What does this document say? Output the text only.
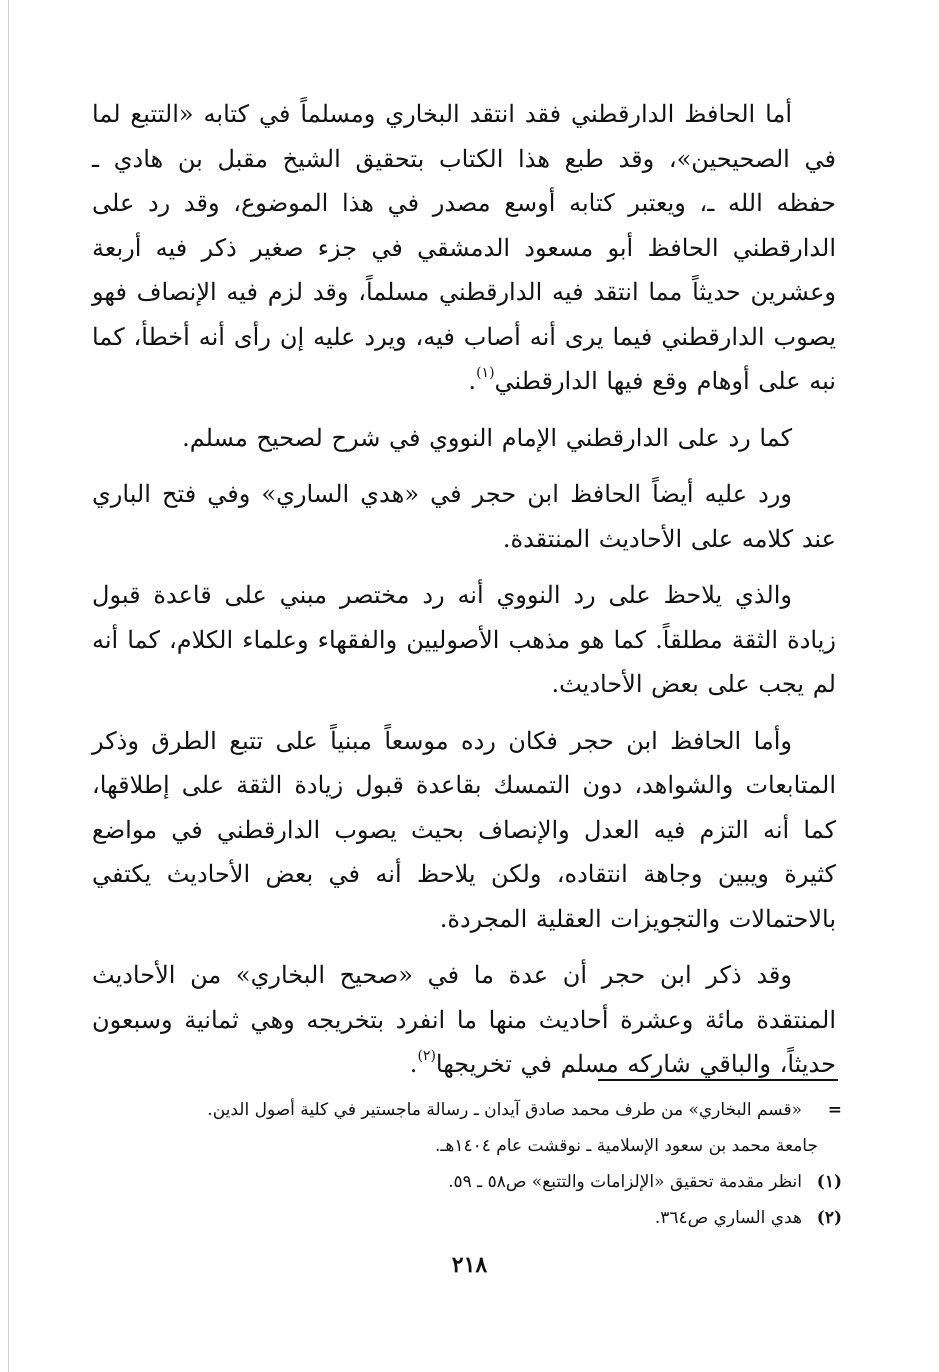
أما الحافظ الدارقطني فقد انتقد البخاري ومسلماً في كتابه «التتبع لما في الصحيحين»، وقد طبع هذا الكتاب بتحقيق الشيخ مقبل بن هادي ـ حفظه الله ـ، ويعتبر كتابه أوسع مصدر في هذا الموضوع، وقد رد على الدارقطني الحافظ أبو مسعود الدمشقي في جزء صغير ذكر فيه أربعة وعشرين حديثاً مما انتقد فيه الدارقطني مسلماً، وقد لزم فيه الإنصاف فهو يصوب الدارقطني فيما يرى أنه أصاب فيه، ويرد عليه إن رأى أنه أخطأ، كما نبه على أوهام وقع فيها الدارقطني$^{(١)}$.

كما رد على الدارقطني الإمام النووي في شرح لصحيح مسلم.

ورد عليه أيضاً الحافظ ابن حجر في «هدي الساري» وفي فتح الباري عند كلامه على الأحاديث المنتقدة.

والذي يلاحظ على رد النووي أنه رد مختصر مبني على قاعدة قبول زيادة الثقة مطلقاً. كما هو مذهب الأصوليين والفقهاء وعلماء الكلام، كما أنه لم يجب على بعض الأحاديث.

وأما الحافظ ابن حجر فكان رده موسعاً مبنياً على تتبع الطرق وذكر المتابعات والشواهد، دون التمسك بقاعدة قبول زيادة الثقة على إطلاقها، كما أنه التزم فيه العدل والإنصاف بحيث يصوب الدارقطني في مواضع كثيرة ويبين وجاهة انتقاده، ولكن يلاحظ أنه في بعض الأحاديث يكتفي بالاحتمالات والتجويزات العقلية المجردة.

وقد ذكر ابن حجر أن عدة ما في «صحيح البخاري» من الأحاديث المنتقدة مائة وعشرة أحاديث منها ما انفرد بتخريجه وهي ثمانية وسبعون حديثاً، والباقي شاركه مسلم في تخريجها$^{(٢)}$.

=«قسم البخاري» من طرف محمد صادق آيدان ـ رسالة ماجستير في كلية أصول الدين.

جامعة محمد بن سعود الإسلامية ـ نوقشت عام ١٤٠٤هـ.

(١)انظر مقدمة تحقيق «الإلزامات والتتبع» ص٥٨ ـ ٥٩.

(٢)هدي الساري ص٣٦٤.

٢١٨
